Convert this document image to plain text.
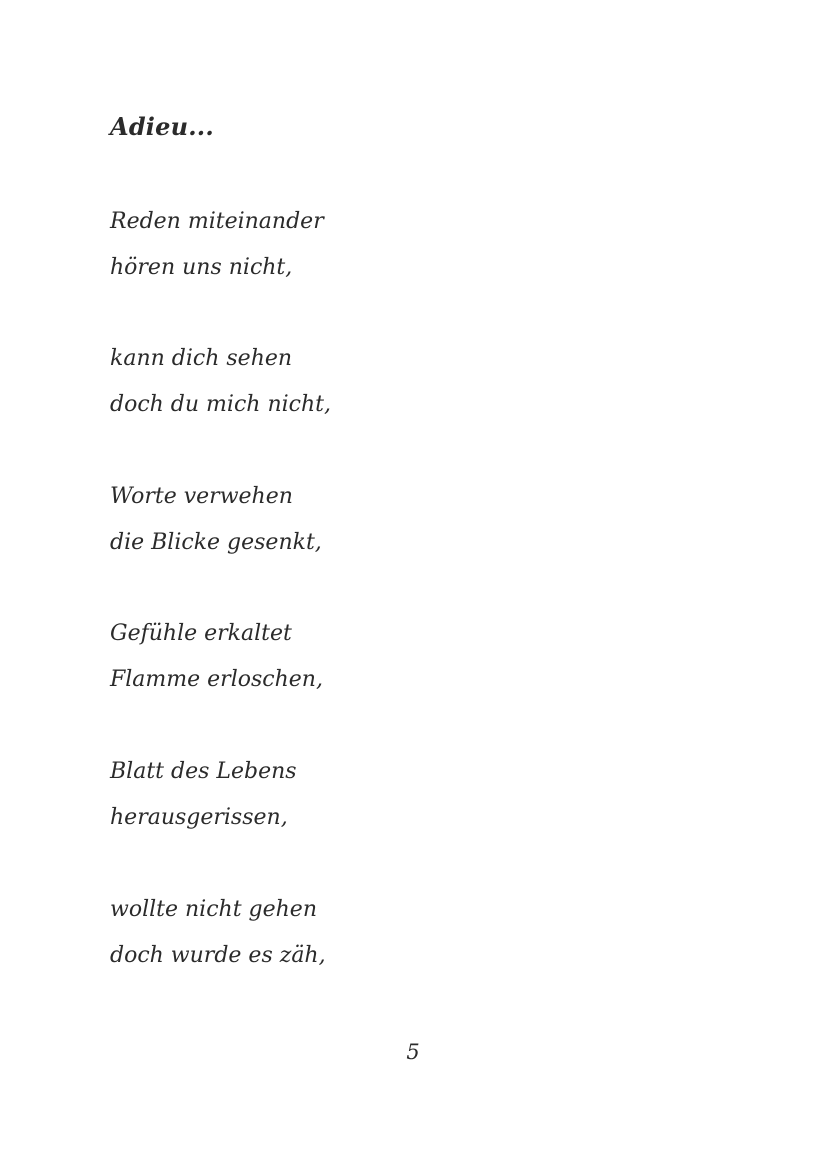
Adieu...

Reden miteinander
hören uns nicht,

kann dich sehen
doch du mich nicht,

Worte verwehen
die Blicke gesenkt,

Gefühle erkaltet
Flamme erloschen,

Blatt des Lebens
herausgerissen,

wollte nicht gehen
doch wurde es zäh,

5
